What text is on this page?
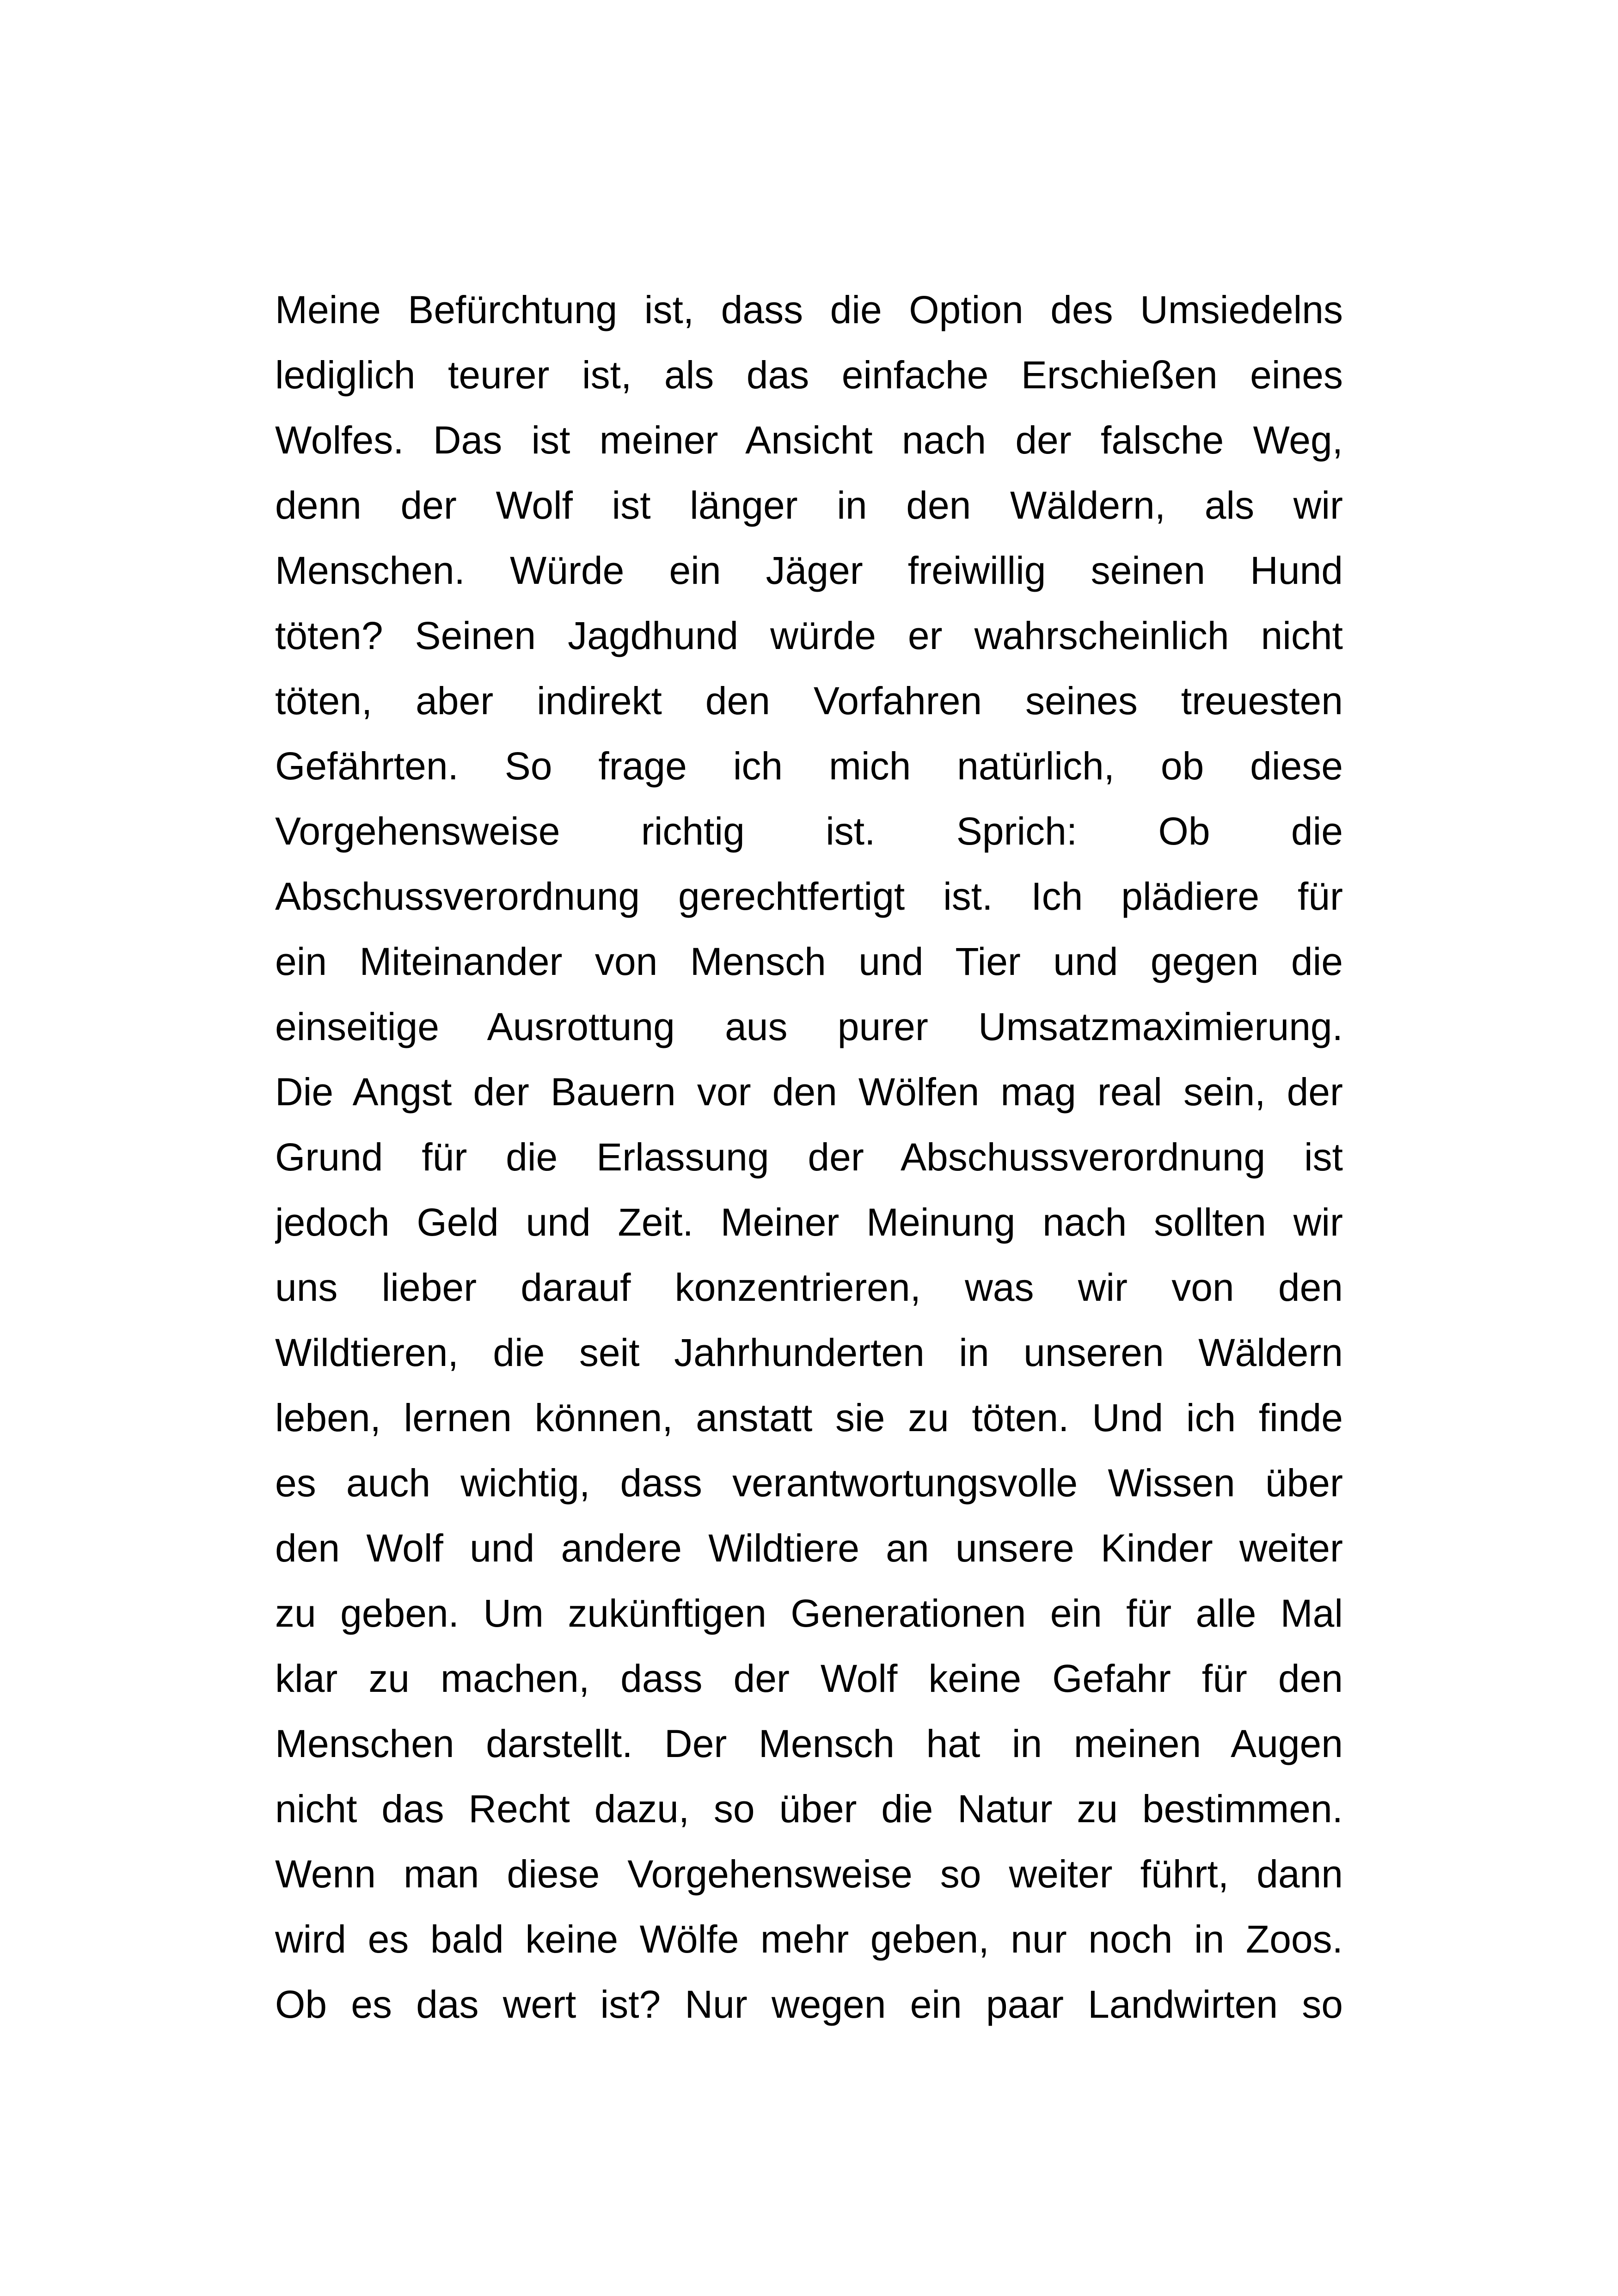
Meine Befürchtung ist, dass die Option des Umsiedelns
lediglich teurer ist, als das einfache Erschießen eines
Wolfes. Das ist meiner Ansicht nach der falsche Weg,
denn der Wolf ist länger in den Wäldern, als wir
Menschen. Würde ein Jäger freiwillig seinen Hund
töten? Seinen Jagdhund würde er wahrscheinlich nicht
töten, aber indirekt den Vorfahren seines treuesten
Gefährten. So frage ich mich natürlich, ob diese
Vorgehensweise richtig ist. Sprich: Ob die
Abschussverordnung gerechtfertigt ist. Ich plädiere für
ein Miteinander von Mensch und Tier und gegen die
einseitige Ausrottung aus purer Umsatzmaximierung.
Die Angst der Bauern vor den Wölfen mag real sein, der
Grund für die Erlassung der Abschussverordnung ist
jedoch Geld und Zeit. Meiner Meinung nach sollten wir
uns lieber darauf konzentrieren, was wir von den
Wildtieren, die seit Jahrhunderten in unseren Wäldern
leben, lernen können, anstatt sie zu töten. Und ich finde
es auch wichtig, dass verantwortungsvolle Wissen über
den Wolf und andere Wildtiere an unsere Kinder weiter
zu geben. Um zukünftigen Generationen ein für alle Mal
klar zu machen, dass der Wolf keine Gefahr für den
Menschen darstellt. Der Mensch hat in meinen Augen
nicht das Recht dazu, so über die Natur zu bestimmen.
Wenn man diese Vorgehensweise so weiter führt, dann
wird es bald keine Wölfe mehr geben, nur noch in Zoos.
Ob es das wert ist? Nur wegen ein paar Landwirten so
